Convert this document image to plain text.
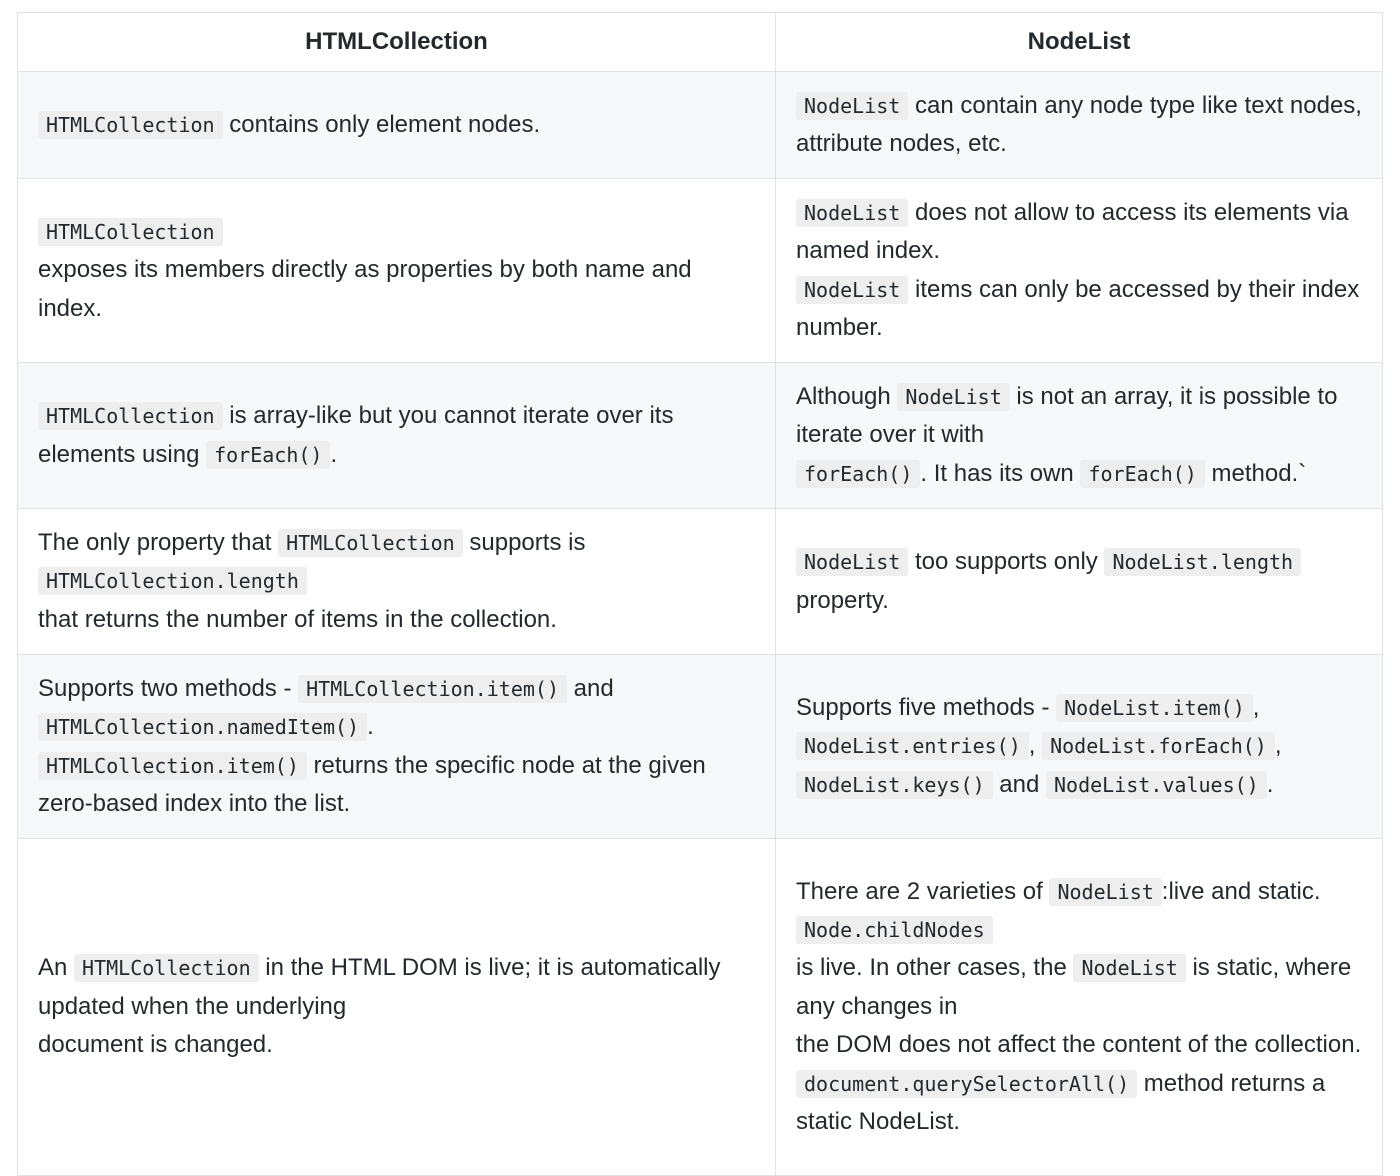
HTMLCollection	NodeList

HTMLCollection contains only element nodes.	NodeList can contain any node type like text nodes, attribute nodes, etc.

HTMLCollection
exposes its members directly as properties by both name and index.	NodeList does not allow to access its elements via named index.
NodeList items can only be accessed by their index number.

HTMLCollection is array-like but you cannot iterate over its elements using forEach() .	Although NodeList is not an array, it is possible to iterate over it with
forEach() . It has its own forEach() method.`

The only property that HTMLCollection supports is HTMLCollection.length
that returns the number of items in the collection.	NodeList too supports only NodeList.length property.

Supports two methods - HTMLCollection.item() and HTMLCollection.namedItem() .
HTMLCollection.item() returns the specific node at the given zero-based index into the list.	Supports five methods - NodeList.item() , NodeList.entries() , NodeList.forEach() , NodeList.keys() and NodeList.values() .

An HTMLCollection in the HTML DOM is live; it is automatically updated when the underlying
document is changed.	There are 2 varieties of NodeList :live and static.
Node.childNodes
is live. In other cases, the NodeList is static, where any changes in
the DOM does not affect the content of the collection.
document.querySelectorAll() method returns a static NodeList.
